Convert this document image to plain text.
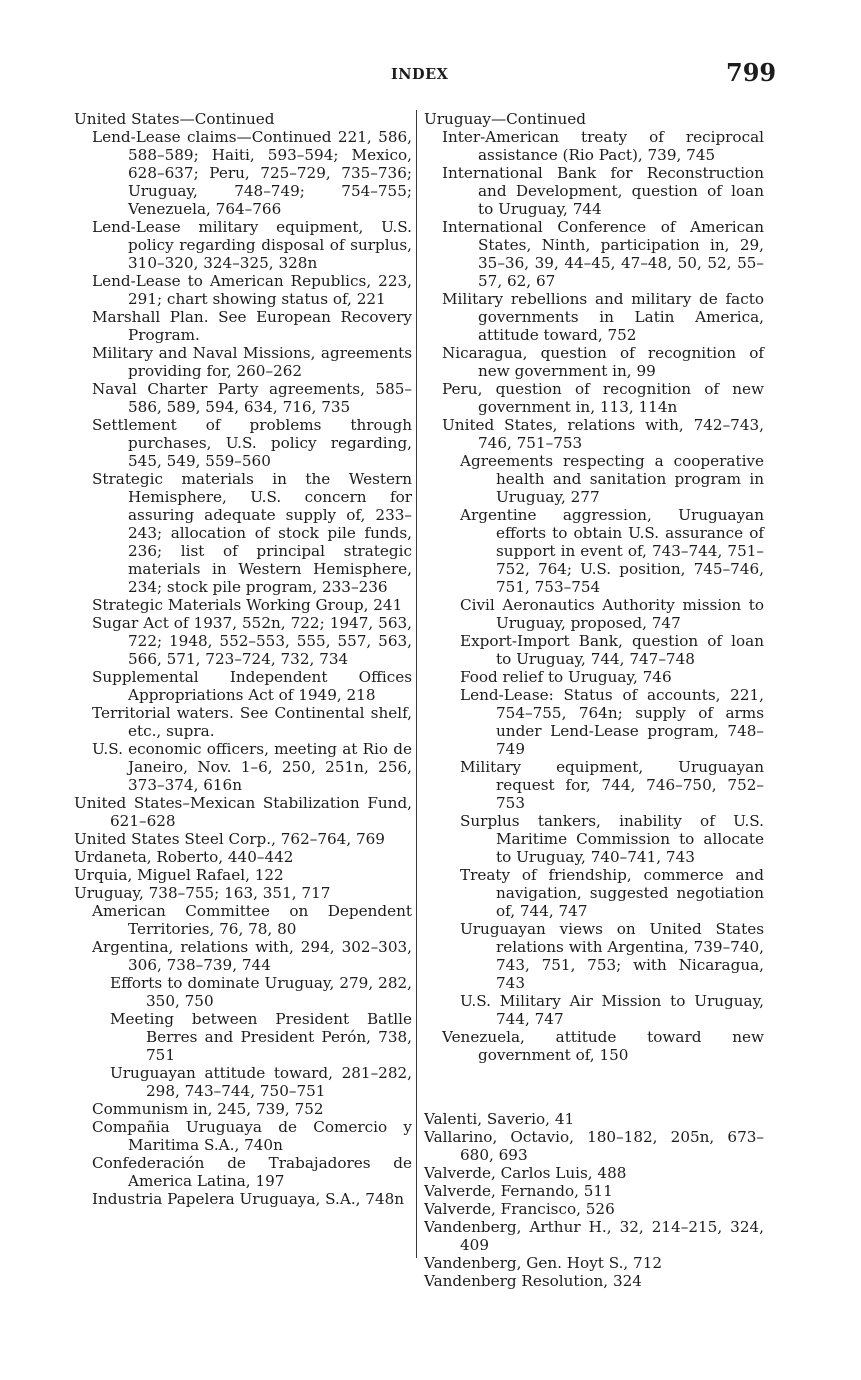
INDEX	799

United States—Continued

Lend-Lease claims—Continued 221, 586, 588–589; Haiti, 593–594; Mexico, 628–637; Peru, 725–729, 735–736; Uruguay, 748–749; 754–755; Venezuela, 764–766

Lend-Lease military equipment, U.S. policy regarding disposal of surplus, 310–320, 324–325, 328n

Lend-Lease to American Republics, 223, 291; chart showing status of, 221

Marshall Plan. See European Recovery Program.

Military and Naval Missions, agreements providing for, 260–262

Naval Charter Party agreements, 585–586, 589, 594, 634, 716, 735

Settlement of problems through purchases, U.S. policy regarding, 545, 549, 559–560

Strategic materials in the Western Hemisphere, U.S. concern for assuring adequate supply of, 233–243; allocation of stock pile funds, 236; list of principal strategic materials in Western Hemisphere, 234; stock pile program, 233–236

Strategic Materials Working Group, 241

Sugar Act of 1937, 552n, 722; 1947, 563, 722; 1948, 552–553, 555, 557, 563, 566, 571, 723–724, 732, 734

Supplemental Independent Offices Appropriations Act of 1949, 218

Territorial waters. See Continental shelf, etc., supra.

U.S. economic officers, meeting at Rio de Janeiro, Nov. 1–6, 250, 251n, 256, 373–374, 616n

United States–Mexican Stabilization Fund, 621–628

United States Steel Corp., 762–764, 769

Urdaneta, Roberto, 440–442

Urquia, Miguel Rafael, 122

Uruguay, 738–755; 163, 351, 717

American Committee on Dependent Territories, 76, 78, 80

Argentina, relations with, 294, 302–303, 306, 738–739, 744

Efforts to dominate Uruguay, 279, 282, 350, 750

Meeting between President Batlle Berres and President Perón, 738, 751

Uruguayan attitude toward, 281–282, 298, 743–744, 750–751

Communism in, 245, 739, 752

Compañia Uruguaya de Comercio y Maritima S.A., 740n

Confederación de Trabajadores de America Latina, 197

Industria Papelera Uruguaya, S.A., 748n

Uruguay—Continued

Inter-American treaty of reciprocal assistance (Rio Pact), 739, 745

International Bank for Reconstruction and Development, question of loan to Uruguay, 744

International Conference of American States, Ninth, participation in, 29, 35–36, 39, 44–45, 47–48, 50, 52, 55–57, 62, 67

Military rebellions and military de facto governments in Latin America, attitude toward, 752

Nicaragua, question of recognition of new government in, 99

Peru, question of recognition of new government in, 113, 114n

United States, relations with, 742–743, 746, 751–753

Agreements respecting a cooperative health and sanitation program in Uruguay, 277

Argentine aggression, Uruguayan efforts to obtain U.S. assurance of support in event of, 743–744, 751–752, 764; U.S. position, 745–746, 751, 753–754

Civil Aeronautics Authority mission to Uruguay, proposed, 747

Export-Import Bank, question of loan to Uruguay, 744, 747–748

Food relief to Uruguay, 746

Lend-Lease: Status of accounts, 221, 754–755, 764n; supply of arms under Lend-Lease program, 748–749

Military equipment, Uruguayan request for, 744, 746–750, 752–753

Surplus tankers, inability of U.S. Maritime Commission to allocate to Uruguay, 740–741, 743

Treaty of friendship, commerce and navigation, suggested negotiation of, 744, 747

Uruguayan views on United States relations with Argentina, 739–740, 743, 751, 753; with Nicaragua, 743

U.S. Military Air Mission to Uruguay, 744, 747

Venezuela, attitude toward new government of, 150

Valenti, Saverio, 41

Vallarino, Octavio, 180–182, 205n, 673–680, 693

Valverde, Carlos Luis, 488

Valverde, Fernando, 511

Valverde, Francisco, 526

Vandenberg, Arthur H., 32, 214–215, 324, 409

Vandenberg, Gen. Hoyt S., 712

Vandenberg Resolution, 324
